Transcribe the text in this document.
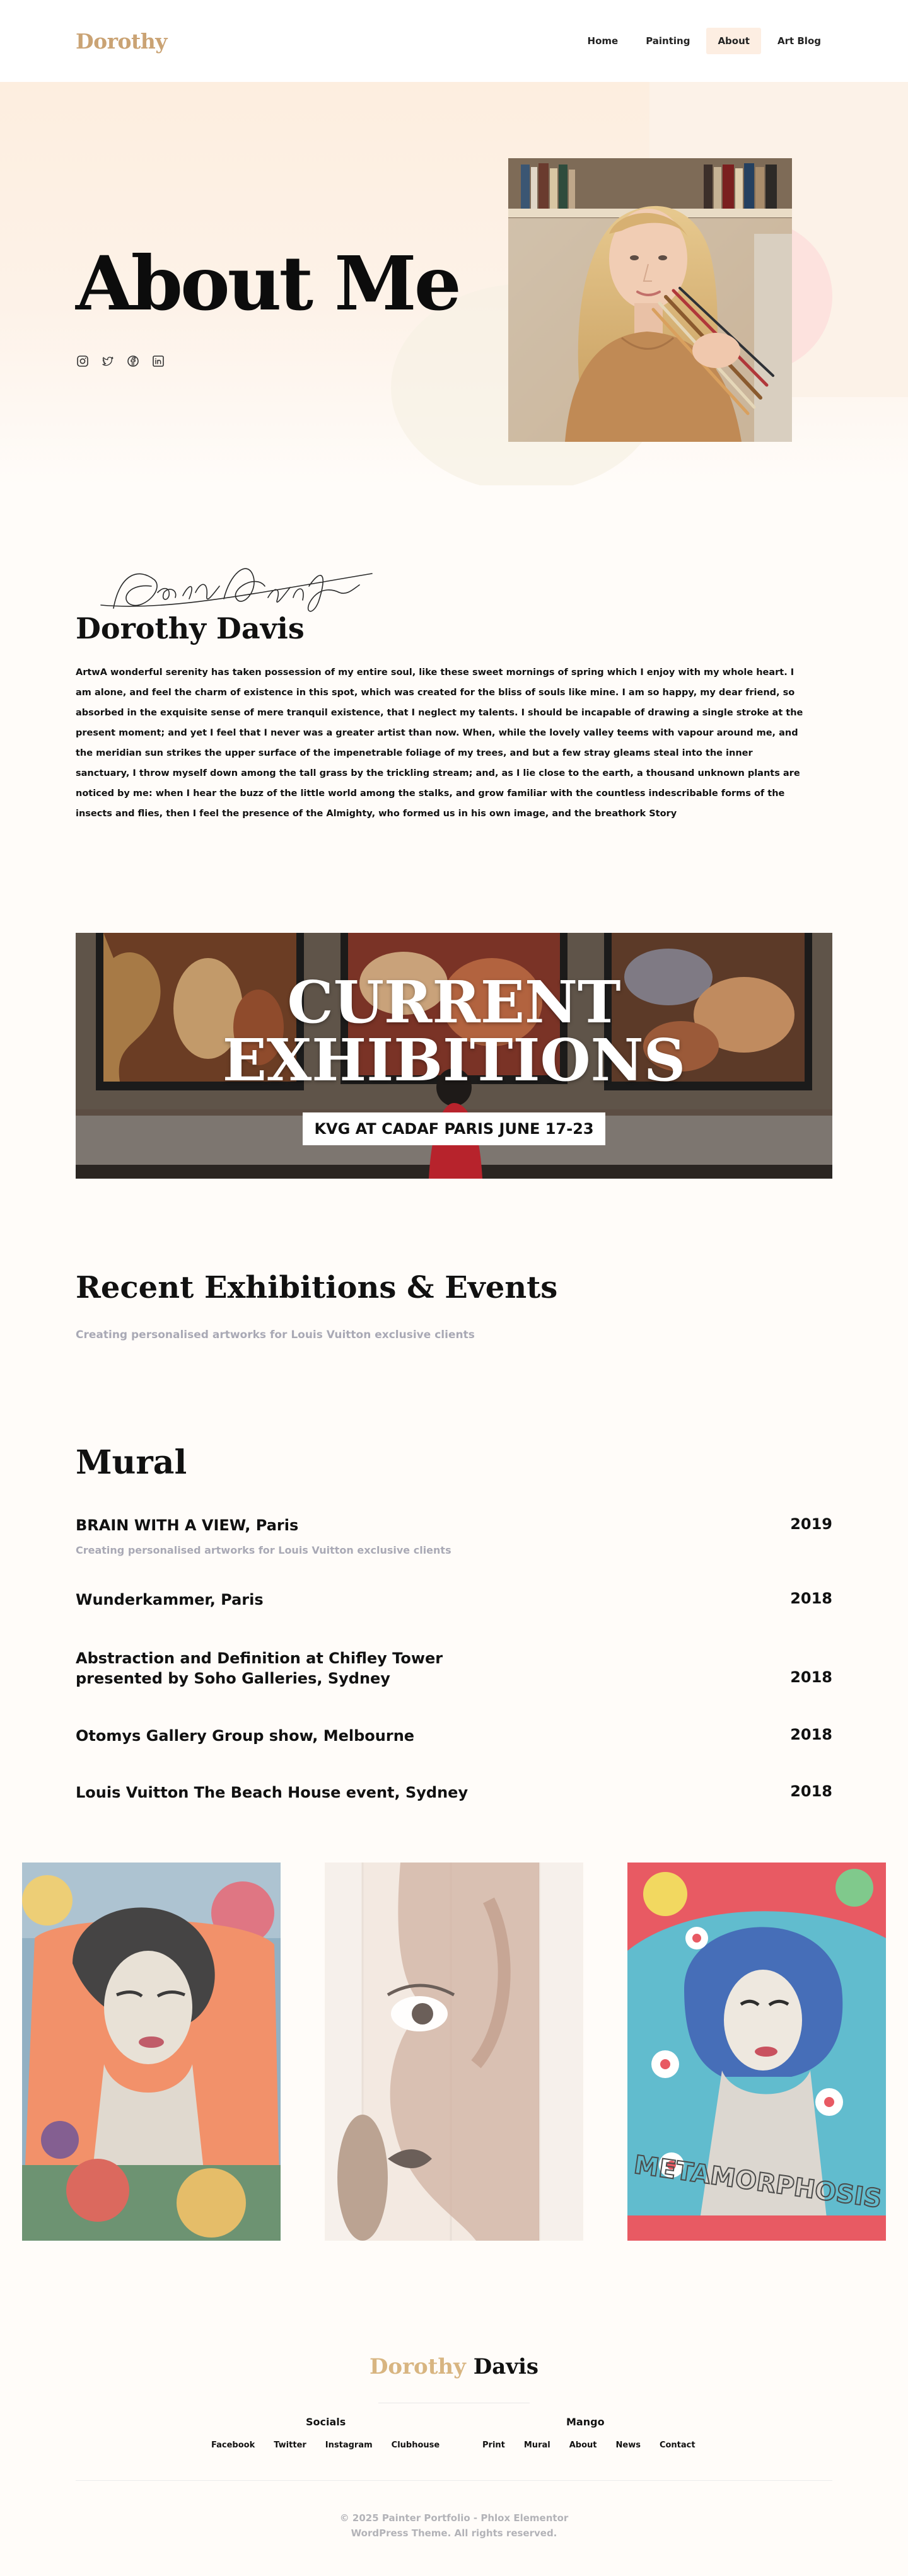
Dorothy	Home	Painting	About	Art Blog
About Me
Dorothy Davis

ArtwA wonderful serenity has taken possession of my entire soul, like these sweet mornings of spring which I enjoy with my whole heart. I am alone, and feel the charm of existence in this spot, which was created for the bliss of souls like mine. I am so happy, my dear friend, so absorbed in the exquisite sense of mere tranquil existence, that I neglect my talents. I should be incapable of drawing a single stroke at the present moment; and yet I feel that I never was a greater artist than now. When, while the lovely valley teems with vapour around me, and the meridian sun strikes the upper surface of the impenetrable foliage of my trees, and but a few stray gleams steal into the inner sanctuary, I throw myself down among the tall grass by the trickling stream; and, as I lie close to the earth, a thousand unknown plants are noticed by me: when I hear the buzz of the little world among the stalks, and grow familiar with the countless indescribable forms of the insects and flies, then I feel the presence of the Almighty, who formed us in his own image, and the breathork Story

CURRENT
EXHIBITIONS
KVG AT CADAF PARIS JUNE 17-23
Recent Exhibitions & Events

Creating personalised artworks for Louis Vuitton exclusive clients

Mural
BRAIN WITH A VIEW, Paris	2019
Creating personalised artworks for Louis Vuitton exclusive clients
Wunderkammer, Paris	2018
Abstraction and Definition at Chifley Tower presented by Soho Galleries, Sydney	2018
Otomys Gallery Group show, Melbourne	2018
Louis Vuitton The Beach House event, Sydney	2018
METAMORPHOSIS
Dorothy Davis
Socials
Facebook Twitter Instagram Clubhouse
Mango
Print Mural About News Contact
© 2025 Painter Portfolio - Phlox Elementor
WordPress Theme. All rights reserved.
